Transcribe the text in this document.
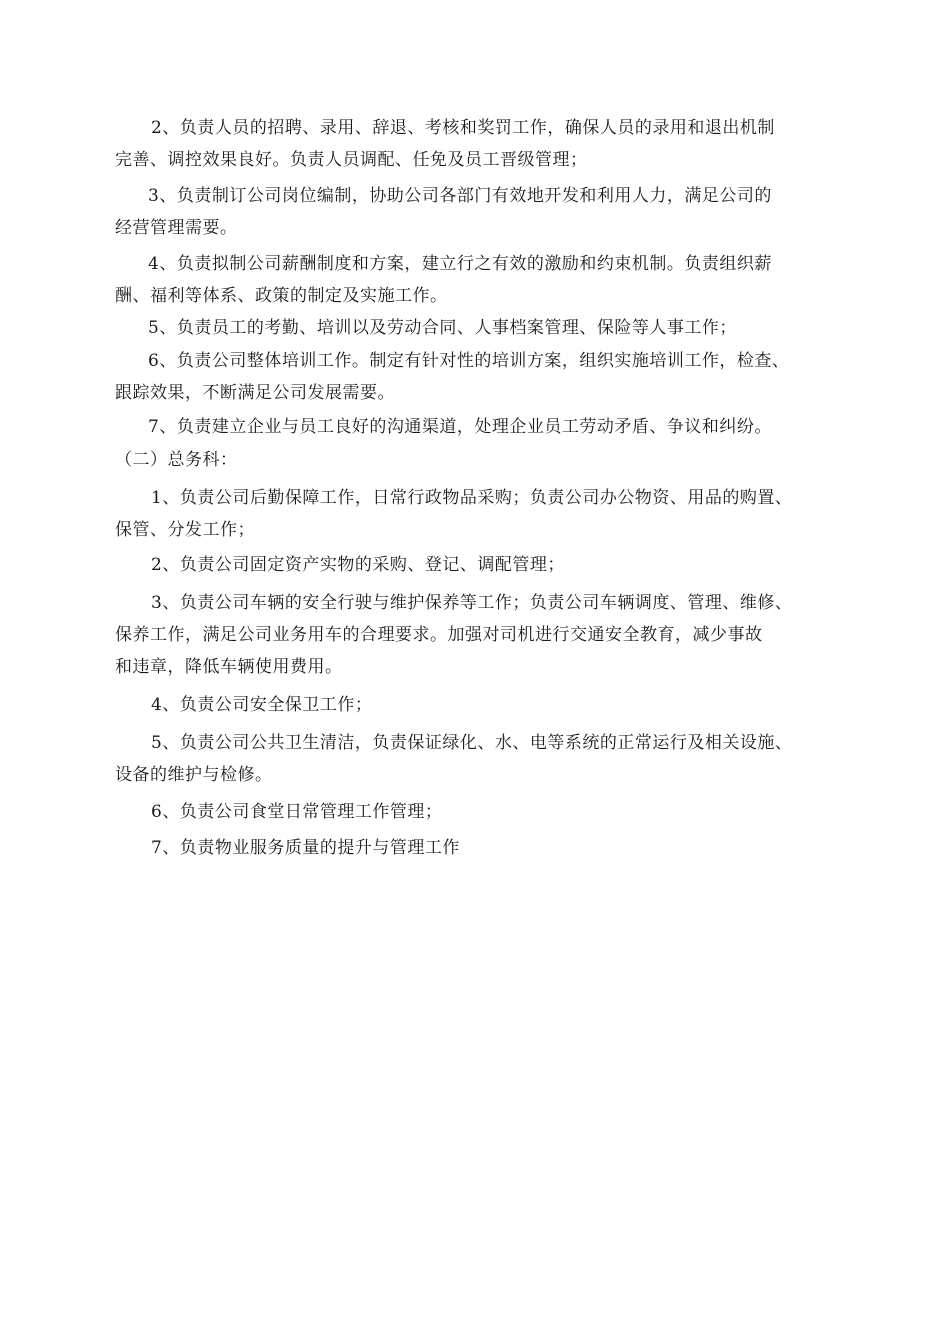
2、负责人员的招聘、录用、辞退、考核和奖罚工作，确保人员的录用和退出机制
完善、调控效果良好。负责人员调配、任免及员工晋级管理；
3、负责制订公司岗位编制，协助公司各部门有效地开发和利用人力，满足公司的
经营管理需要。
4、负责拟制公司薪酬制度和方案，建立行之有效的激励和约束机制。负责组织薪
酬、福利等体系、政策的制定及实施工作。
5、负责员工的考勤、培训以及劳动合同、人事档案管理、保险等人事工作；
6、负责公司整体培训工作。制定有针对性的培训方案，组织实施培训工作，检查、
跟踪效果，不断满足公司发展需要。
7、负责建立企业与员工良好的沟通渠道，处理企业员工劳动矛盾、争议和纠纷。
（二）总务科：
1、负责公司后勤保障工作，日常行政物品采购；负责公司办公物资、用品的购置、
保管、分发工作；
2、负责公司固定资产实物的采购、登记、调配管理；
3、负责公司车辆的安全行驶与维护保养等工作；负责公司车辆调度、管理、维修、
保养工作，满足公司业务用车的合理要求。加强对司机进行交通安全教育，减少事故
和违章，降低车辆使用费用。
4、负责公司安全保卫工作；
5、负责公司公共卫生清洁，负责保证绿化、水、电等系统的正常运行及相关设施、
设备的维护与检修。
6、负责公司食堂日常管理工作管理；
7、负责物业服务质量的提升与管理工作
